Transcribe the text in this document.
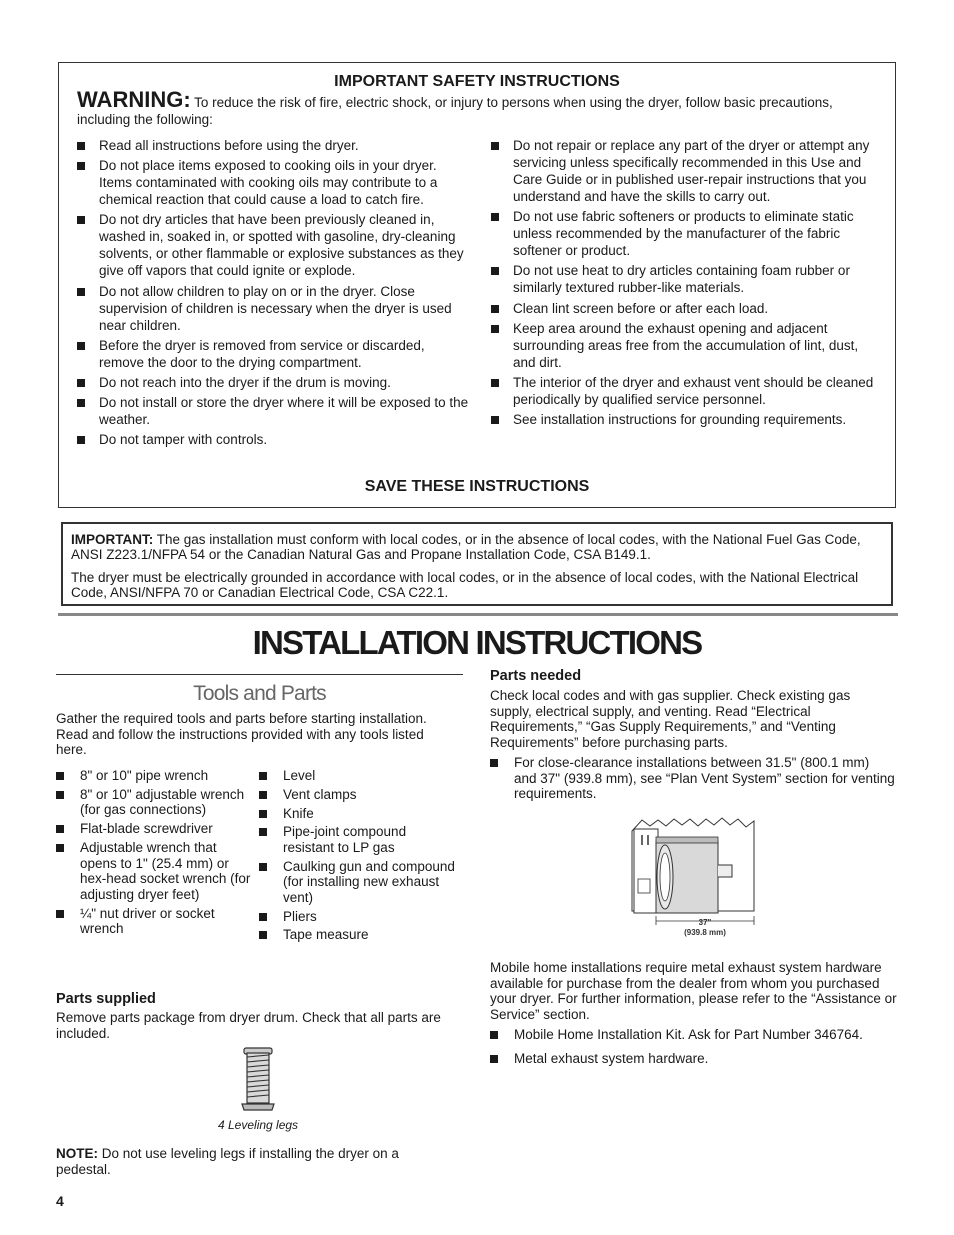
IMPORTANT SAFETY INSTRUCTIONS
WARNING: To reduce the risk of fire, electric shock, or injury to persons when using the dryer, follow basic precautions, including the following:
Read all instructions before using the dryer.
Do not place items exposed to cooking oils in your dryer. Items contaminated with cooking oils may contribute to a chemical reaction that could cause a load to catch fire.
Do not dry articles that have been previously cleaned in, washed in, soaked in, or spotted with gasoline, dry-cleaning solvents, or other flammable or explosive substances as they give off vapors that could ignite or explode.
Do not allow children to play on or in the dryer. Close supervision of children is necessary when the dryer is used near children.
Before the dryer is removed from service or discarded, remove the door to the drying compartment.
Do not reach into the dryer if the drum is moving.
Do not install or store the dryer where it will be exposed to the weather.
Do not tamper with controls.
Do not repair or replace any part of the dryer or attempt any servicing unless specifically recommended in this Use and Care Guide or in published user-repair instructions that you understand and have the skills to carry out.
Do not use fabric softeners or products to eliminate static unless recommended by the manufacturer of the fabric softener or product.
Do not use heat to dry articles containing foam rubber or similarly textured rubber-like materials.
Clean lint screen before or after each load.
Keep area around the exhaust opening and adjacent surrounding areas free from the accumulation of lint, dust, and dirt.
The interior of the dryer and exhaust vent should be cleaned periodically by qualified service personnel.
See installation instructions for grounding requirements.
SAVE THESE INSTRUCTIONS

IMPORTANT: The gas installation must conform with local codes, or in the absence of local codes, with the National Fuel Gas Code, ANSI Z223.1/NFPA 54 or the Canadian Natural Gas and Propane Installation Code, CSA B149.1.

The dryer must be electrically grounded in accordance with local codes, or in the absence of local codes, with the National Electrical Code, ANSI/NFPA 70 or Canadian Electrical Code, CSA C22.1.

INSTALLATION INSTRUCTIONS
Tools and Parts
Gather the required tools and parts before starting installation. Read and follow the instructions provided with any tools listed here.
8" or 10" pipe wrench
8" or 10" adjustable wrench (for gas connections)
Flat-blade screwdriver
Adjustable wrench that opens to 1" (25.4 mm) or hex-head socket wrench (for adjusting dryer feet)
¼" nut driver or socket wrench
Level
Vent clamps
Knife
Pipe-joint compound resistant to LP gas
Caulking gun and compound (for installing new exhaust vent)
Pliers
Tape measure
Parts supplied
Remove parts package from dryer drum. Check that all parts are included.
4 Leveling legs
NOTE: Do not use leveling legs if installing the dryer on a pedestal.
Parts needed
Check local codes and with gas supplier. Check existing gas supply, electrical supply, and venting. Read “Electrical Requirements,” “Gas Supply Requirements,” and “Venting Requirements” before purchasing parts.
For close-clearance installations between 31.5" (800.1 mm) and 37" (939.8 mm), see “Plan Vent System” section for venting requirements.
37"
(939.8 mm)
Mobile home installations require metal exhaust system hardware available for purchase from the dealer from whom you purchased your dryer. For further information, please refer to the “Assistance or Service” section.
Mobile Home Installation Kit. Ask for Part Number 346764.
Metal exhaust system hardware.
4
